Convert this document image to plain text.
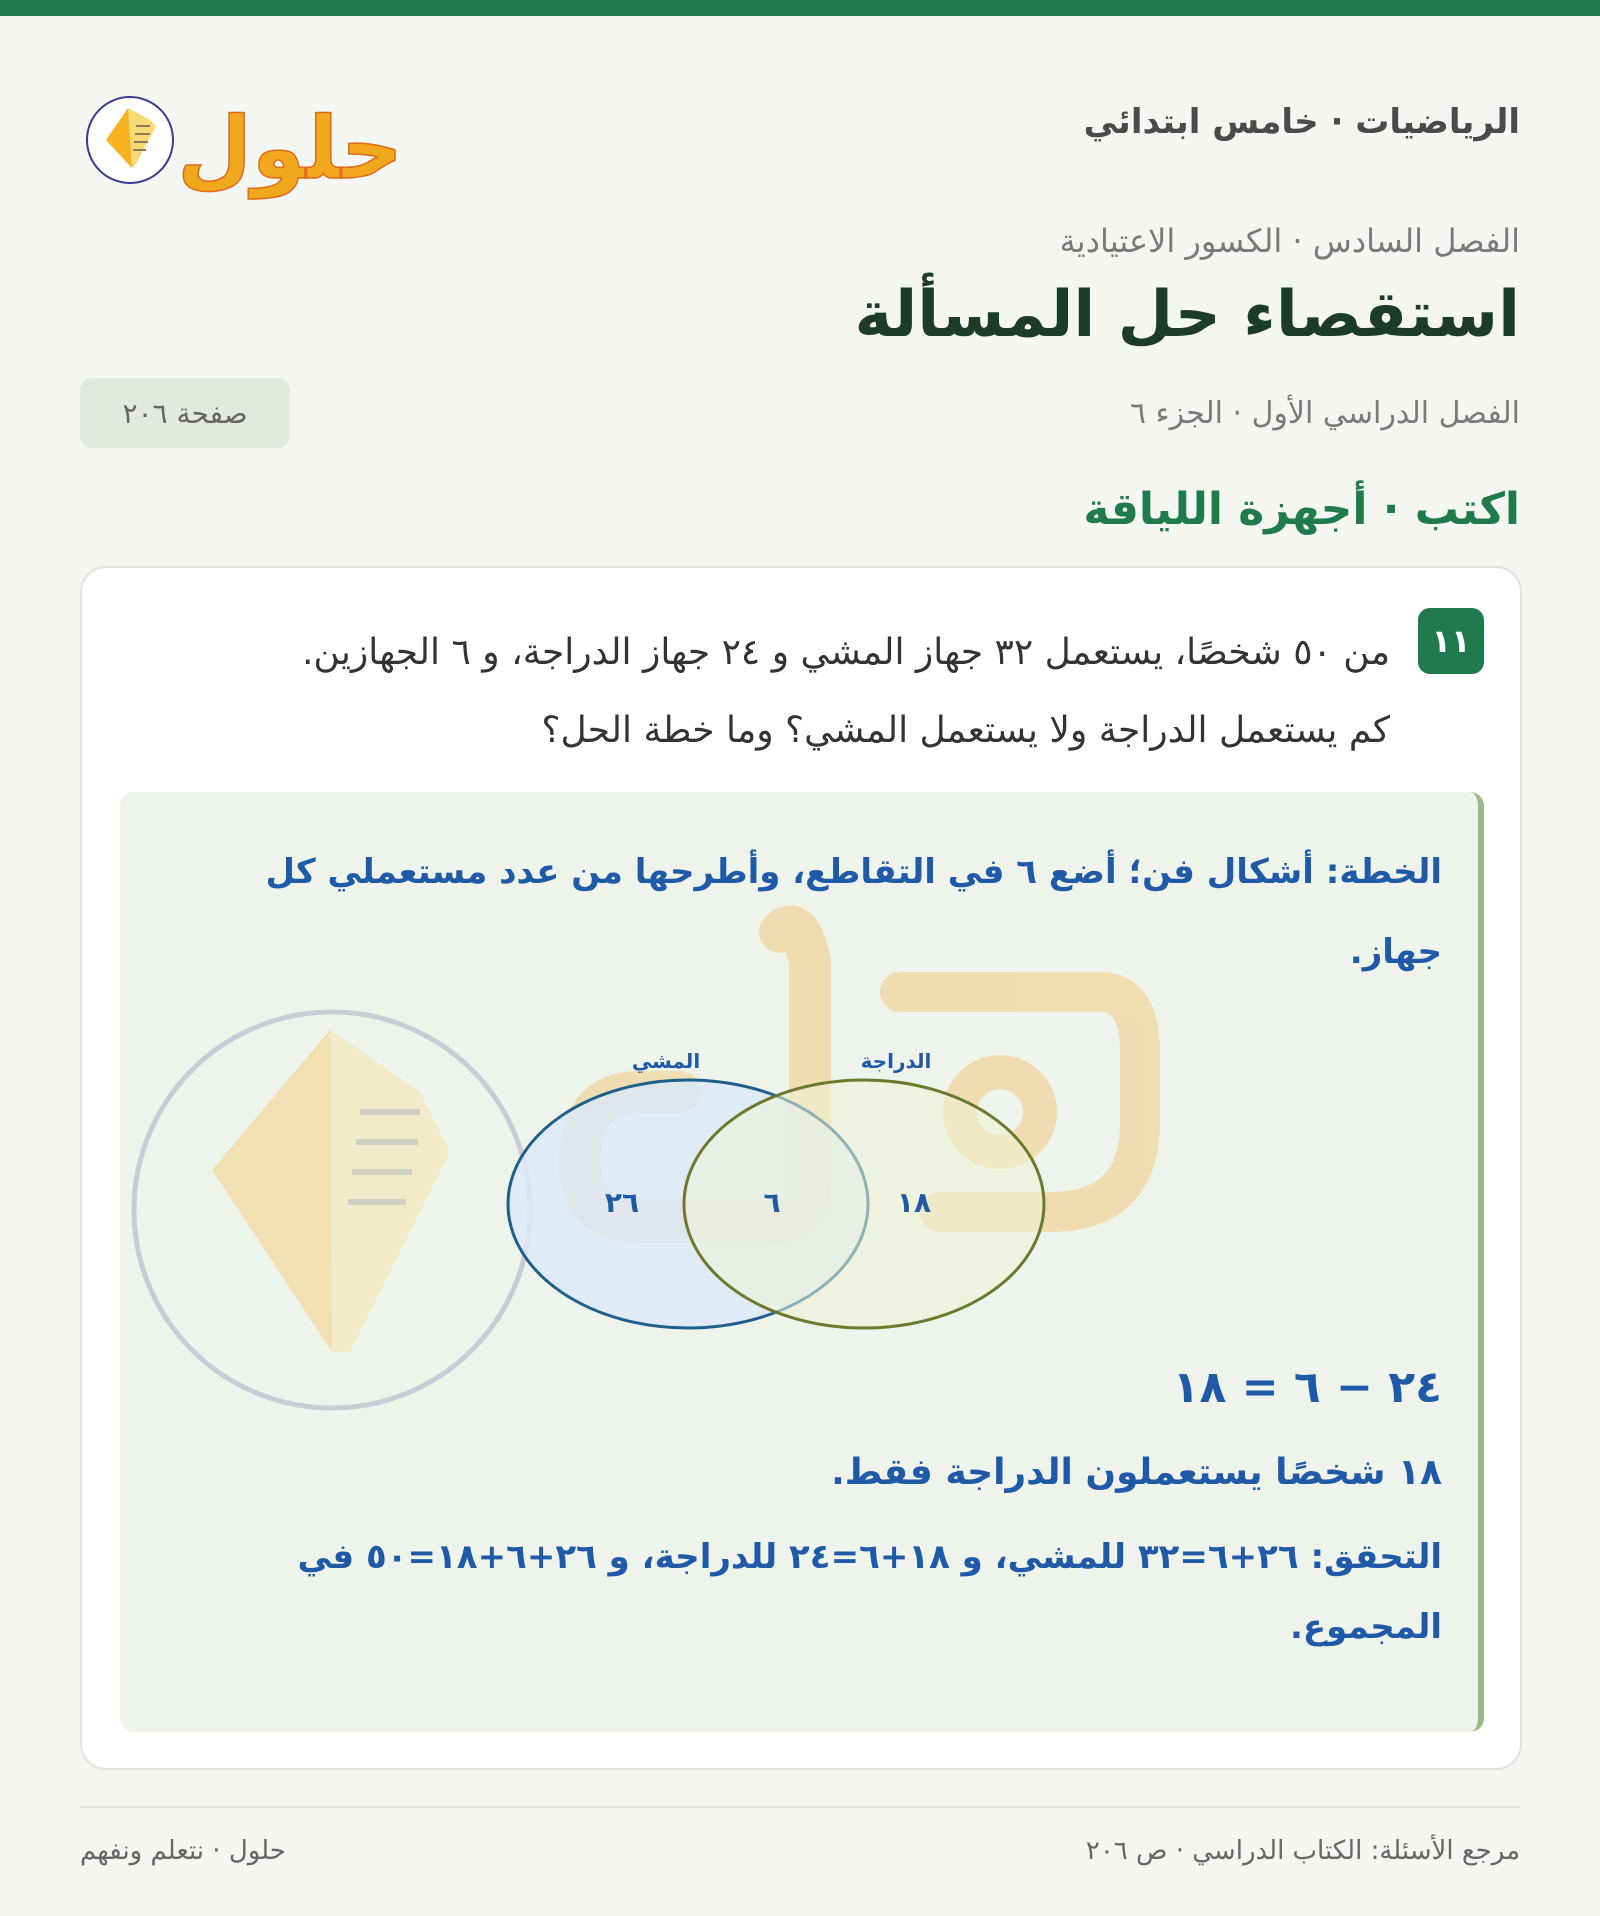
الرياضيات · خامس ابتدائي
حلول
الفصل السادس · الكسور الاعتيادية
استقصاء حل المسألة
الفصل الدراسي الأول · الجزء ٦
صفحة ٢٠٦
اكتب · أجهزة اللياقة
١١

من ٥٠ شخصًا، يستعمل ٣٢ جهاز المشي و ٢٤ جهاز الدراجة، و ٦ الجهازين.

كم يستعمل الدراجة ولا يستعمل المشي؟ وما خطة الحل؟

الخطة: أشكال فن؛ أضع ٦ في التقاطع، وأطرحها من عدد مستعملي كل جهاز.
المشي	الدراجة
٢٦	٦	١٨
٢٤ − ٦ = ١٨
١٨ شخصًا يستعملون الدراجة فقط.
التحقق: ٢٦+٦=٣٢ للمشي، و ١٨+٦=٢٤ للدراجة، و ٢٦+٦+١٨=٥٠ في المجموع.
مرجع الأسئلة: الكتاب الدراسي · ص ٢٠٦
حلول · نتعلم ونفهم
